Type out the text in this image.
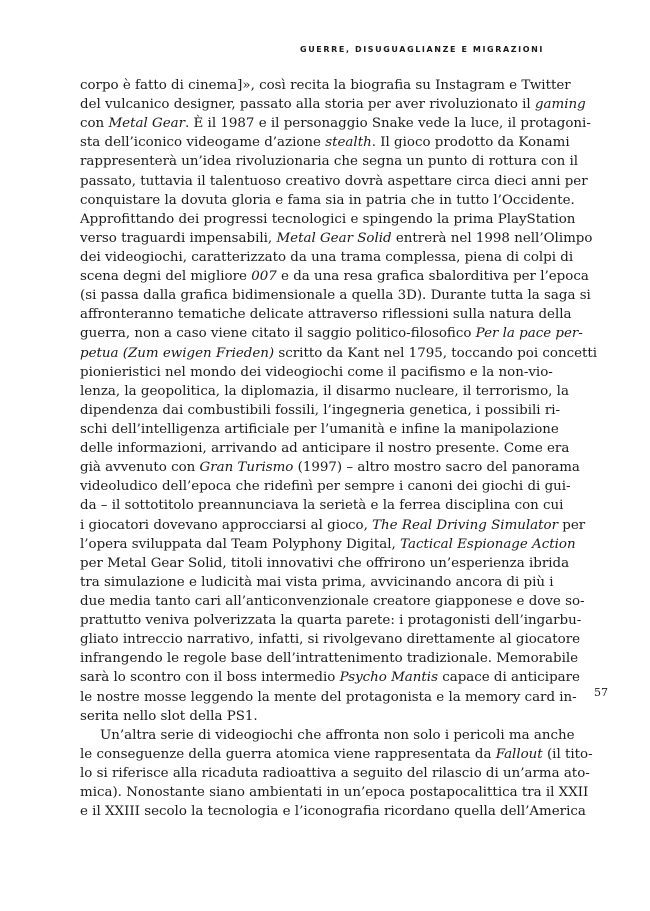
GUERRE, DISUGUAGLIANZE E MIGRAZIONI
corpo è fatto di cinema]», così recita la biografia su Instagram e Twitter
del vulcanico designer, passato alla storia per aver rivoluzionato il gaming
con Metal Gear. È il 1987 e il personaggio Snake vede la luce, il protagoni-
sta dell’iconico videogame d’azione stealth. Il gioco prodotto da Konami
rappresenterà un’idea rivoluzionaria che segna un punto di rottura con il
passato, tuttavia il talentuoso creativo dovrà aspettare circa dieci anni per
conquistare la dovuta gloria e fama sia in patria che in tutto l’Occidente.
Approfittando dei progressi tecnologici e spingendo la prima PlayStation
verso traguardi impensabili, Metal Gear Solid entrerà nel 1998 nell’Olimpo
dei videogiochi, caratterizzato da una trama complessa, piena di colpi di
scena degni del migliore 007 e da una resa grafica sbalorditiva per l’epoca
(si passa dalla grafica bidimensionale a quella 3D). Durante tutta la saga si
affronteranno tematiche delicate attraverso riflessioni sulla natura della
guerra, non a caso viene citato il saggio politico-filosofico Per la pace per-
petua (Zum ewigen Frieden) scritto da Kant nel 1795, toccando poi concetti
pionieristici nel mondo dei videogiochi come il pacifismo e la non-vio-
lenza, la geopolitica, la diplomazia, il disarmo nucleare, il terrorismo, la
dipendenza dai combustibili fossili, l’ingegneria genetica, i possibili ri-
schi dell’intelligenza artificiale per l’umanità e infine la manipolazione
delle informazioni, arrivando ad anticipare il nostro presente. Come era
già avvenuto con Gran Turismo (1997) – altro mostro sacro del panorama
videoludico dell’epoca che ridefinì per sempre i canoni dei giochi di gui-
da – il sottotitolo preannunciava la serietà e la ferrea disciplina con cui
i giocatori dovevano approcciarsi al gioco, The Real Driving Simulator per
l’opera sviluppata dal Team Polyphony Digital, Tactical Espionage Action
per Metal Gear Solid, titoli innovativi che offrirono un’esperienza ibrida
tra simulazione e ludicità mai vista prima, avvicinando ancora di più i
due media tanto cari all’anticonvenzionale creatore giapponese e dove so-
prattutto veniva polverizzata la quarta parete: i protagonisti dell’ingarbu-
gliato intreccio narrativo, infatti, si rivolgevano direttamente al giocatore
infrangendo le regole base dell’intrattenimento tradizionale. Memorabile
sarà lo scontro con il boss intermedio Psycho Mantis capace di anticipare
le nostre mosse leggendo la mente del protagonista e la memory card in-
serita nello slot della PS1.
Un’altra serie di videogiochi che affronta non solo i pericoli ma anche
le conseguenze della guerra atomica viene rappresentata da Fallout (il tito-
lo si riferisce alla ricaduta radioattiva a seguito del rilascio di un’arma ato-
mica). Nonostante siano ambientati in un’epoca postapocalittica tra il XXII
e il XXIII secolo la tecnologia e l’iconografia ricordano quella dell’America
57
